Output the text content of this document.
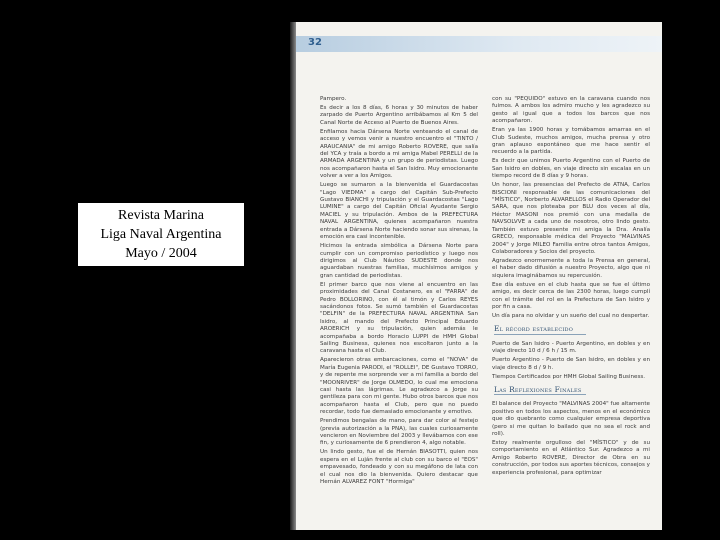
Revista Marina
Liga Naval Argentina
Mayo / 2004
32

Pampero.

Es decir a los 8 días, 6 horas y 30 minutos de haber zarpado de Puerto Argentino arribábamos al Km 5 del Canal Norte de Acceso al Puerto de Buenos Aires.

Enfilamos hacia Dársena Norte venteando el canal de acceso y vemos venir a nuestro encuentro el "TINTO / ARAUCANIA" de mi amigo Roberto ROVERE, que salía del YCA y traía a bordo a mi amiga Mabel PERELLI de la ARMADA ARGENTINA y un grupo de periodistas. Luego nos acompañaron hasta el San Isidro. Muy emocionante volver a ver a los Amigos.

Luego se sumaron a la bienvenida el Guardacostas "Lago VIEDMA" a cargo del Capitán Sub-Prefecto Gustavo BIANCHI y tripulación y el Guardacostas "Lago LUMINE" a cargo del Capitán Oficial Ayudante Sergio MACIEL y su tripulación. Ambos de la PREFECTURA NAVAL ARGENTINA, quienes acompañaron nuestra entrada a Dársena Norte haciendo sonar sus sirenas, la emoción era casi incontenible.

Hicimos la entrada simbólica a Dársena Norte para cumplir con un compromiso periodístico y luego nos dirigimos al Club Náutico SUDESTE donde nos aguardaban nuestras familias, muchísimos amigos y gran cantidad de periodistas.

El primer barco que nos viene al encuentro en las proximidades del Canal Costanero, es el "FARRA" de Pedro BOLLORINO, con él al timón y Carlos REYES sacándonos fotos. Se sumó también el Guardacostas "DELFIN" de la PREFECTURA NAVAL ARGENTINA San Isidro, al mando del Prefecto Principal Eduardo AROERICH y su tripulación, quien además le acompañaba a bordo Horacio LUPPI de HMH Global Sailing Business, quienes nos escoltaron junto a la caravana hasta el Club.

Aparecieron otras embarcaciones, como el "NOVA" de María Eugenia PARODI, el "ROLLEI", DE Gustavo TORRO, y de repente me sorprende ver a mi familia a bordo del "MOONRIVER" de Jorge OLMEDO, lo cual me emociona casi hasta las lágrimas. Le agradezco a Jorge su gentileza para con mi gente. Hubo otros barcos que nos acompañaron hasta el Club, pero que no puedo recordar, todo fue demasiado emocionante y emotivo.

Prendimos bengalas de mano, para dar color al festejo (previa autorización a la PNA), las cuales curiosamente vencieron en Noviembre del 2003 y llevábamos con ese fin, y curiosamente de 6 prendieron 4, algo notable.

Un lindo gesto, fue el de Hernán BIASOTTI, quien nos espera en el Luján frente al club con su barco el "EOS" empavesado, fondeado y con su megáfono de lata con el cual nos dio la bienvenida. Quiero destacar que Hernán ALVAREZ FONT "Hormiga"

con su "PEQUIDO" estuvo en la caravana cuando nos fuimos. A ambos los admiro mucho y les agradezco su gesto al igual que a todos los barcos que nos acompañaron.

Eran ya las 1900 horas y tomábamos amarras en el Club Sudeste, muchos amigos, mucha prensa y otro gran aplauso espontáneo que me hace sentir el recuerdo a la partida.

Es decir que unimos Puerto Argentino con el Puerto de San Isidro en dobles, en viaje directo sin escalas en un tiempo record de 8 días y 9 horas.

Un honor, las presencias del Prefecto de ATNA, Carlos BISCIONI responsable de las comunicaciones del "MÍSTICO", Norberto ALVARELLOS el Radio Operador del SARA, que nos ploteaba por BLU dos veces al día, Héctor MASONI nos premió con una medalla de NAVSOLVVE a cada uno de nosotros, otro lindo gesto. También estuvo presente mi amiga la Dra. Analía GRECO, responsable médica del Proyecto "MALVINAS 2004" y Jorge MILEO Familia entre otros tantos Amigos, Colaboradores y Socios del proyecto.

Agradezco enormemente a toda la Prensa en general, el haber dado difusión a nuestro Proyecto, algo que ni siquiera imaginábamos su repercusión.

Ese día estuve en el club hasta que se fue el último amigo, es decir cerca de las 2300 horas, luego cumplí con el trámite del rol en la Prefectura de San Isidro y por fin a casa.

Un día para no olvidar y un sueño del cual no despertar.

El récord establecido

Puerto de San Isidro - Puerto Argentino, en dobles y en viaje directo 10 d / 6 h / 15 m.

Puerto Argentino - Puerto de San Isidro, en dobles y en viaje directo 8 d / 9 h.

Tiempos Certificados por HMH Global Sailing Business.

Las Reflexiones Finales

El balance del Proyecto "MALVINAS 2004" fue altamente positivo en todos los aspectos, menos en el económico que dio quebranto como cualquier empresa deportiva (pero si me quitan lo bailado que no sea el rock and roll).

Estoy realmente orgulloso del "MÍSTICO" y de su comportamiento en el Atlántico Sur. Agradezco a mi Amigo Roberto ROVERE, Director de Obra en su construcción, por todos sus aportes técnicos, consejos y experiencia profesional, para optimizar
